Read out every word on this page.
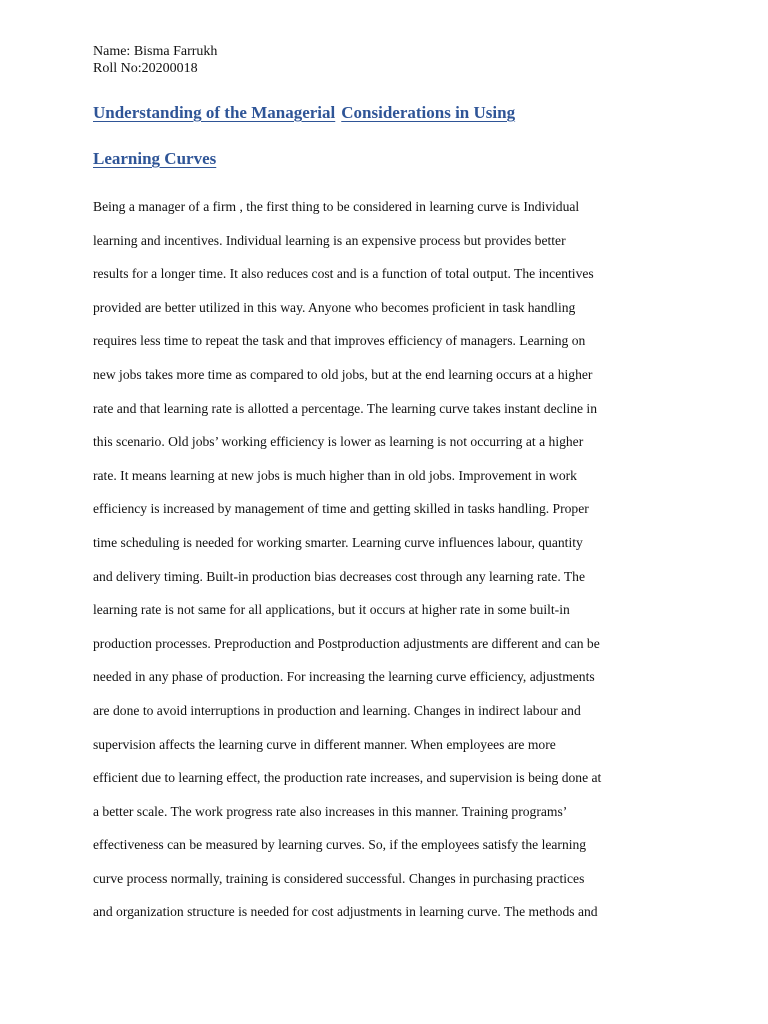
Name: Bisma Farrukh
Roll No:20200018
Understanding of the Managerial Considerations in Using
Learning Curves
Being a manager of a firm , the first thing to be considered in learning curve is Individual
learning and incentives. Individual learning is an expensive process but provides better
results for a longer time. It also reduces cost and is a function of total output. The incentives
provided are better utilized in this way. Anyone who becomes proficient in task handling
requires less time to repeat the task and that improves efficiency of managers. Learning on
new jobs takes more time as compared to old jobs, but at the end learning occurs at a higher
rate and that learning rate is allotted a percentage. The learning curve takes instant decline in
this scenario. Old jobs’ working efficiency is lower as learning is not occurring at a higher
rate. It means learning at new jobs is much higher than in old jobs. Improvement in work
efficiency is increased by management of time and getting skilled in tasks handling. Proper
time scheduling is needed for working smarter. Learning curve influences labour, quantity
and delivery timing. Built-in production bias decreases cost through any learning rate. The
learning rate is not same for all applications, but it occurs at higher rate in some built-in
production processes. Preproduction and Postproduction adjustments are different and can be
needed in any phase of production. For increasing the learning curve efficiency, adjustments
are done to avoid interruptions in production and learning. Changes in indirect labour and
supervision affects the learning curve in different manner. When employees are more
efficient due to learning effect, the production rate increases, and supervision is being done at
a better scale. The work progress rate also increases in this manner. Training programs’
effectiveness can be measured by learning curves. So, if the employees satisfy the learning
curve process normally, training is considered successful. Changes in purchasing practices
and organization structure is needed for cost adjustments in learning curve. The methods and
